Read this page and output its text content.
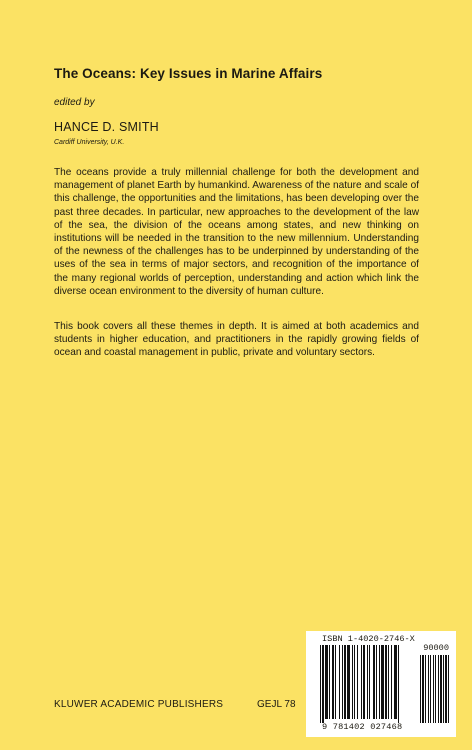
The Oceans: Key Issues in Marine Affairs
edited by
HANCE D. SMITH
Cardiff University, U.K.

The oceans provide a truly millennial challenge for both the development and management of planet Earth by humankind. Awareness of the nature and scale of this challenge, the opportunities and the limitations, has been developing over the past three decades. In particular, new approaches to the development of the law of the sea, the division of the oceans among states, and new thinking on institutions will be needed in the transition to the new millennium. Understanding of the newness of the challenges has to be underpinned by understanding of the uses of the sea in terms of major sectors, and recognition of the importance of the many regional worlds of perception, understanding and action which link the diverse ocean environment to the diversity of human culture.

This book covers all these themes in depth. It is aimed at both academics and students in higher education, and practitioners in the rapidly growing fields of ocean and coastal management in public, private and voluntary sectors.

ISBN 1-4020-2746-X
90000
9 781402 027468
KLUWER ACADEMIC PUBLISHERS	GEJL 78
